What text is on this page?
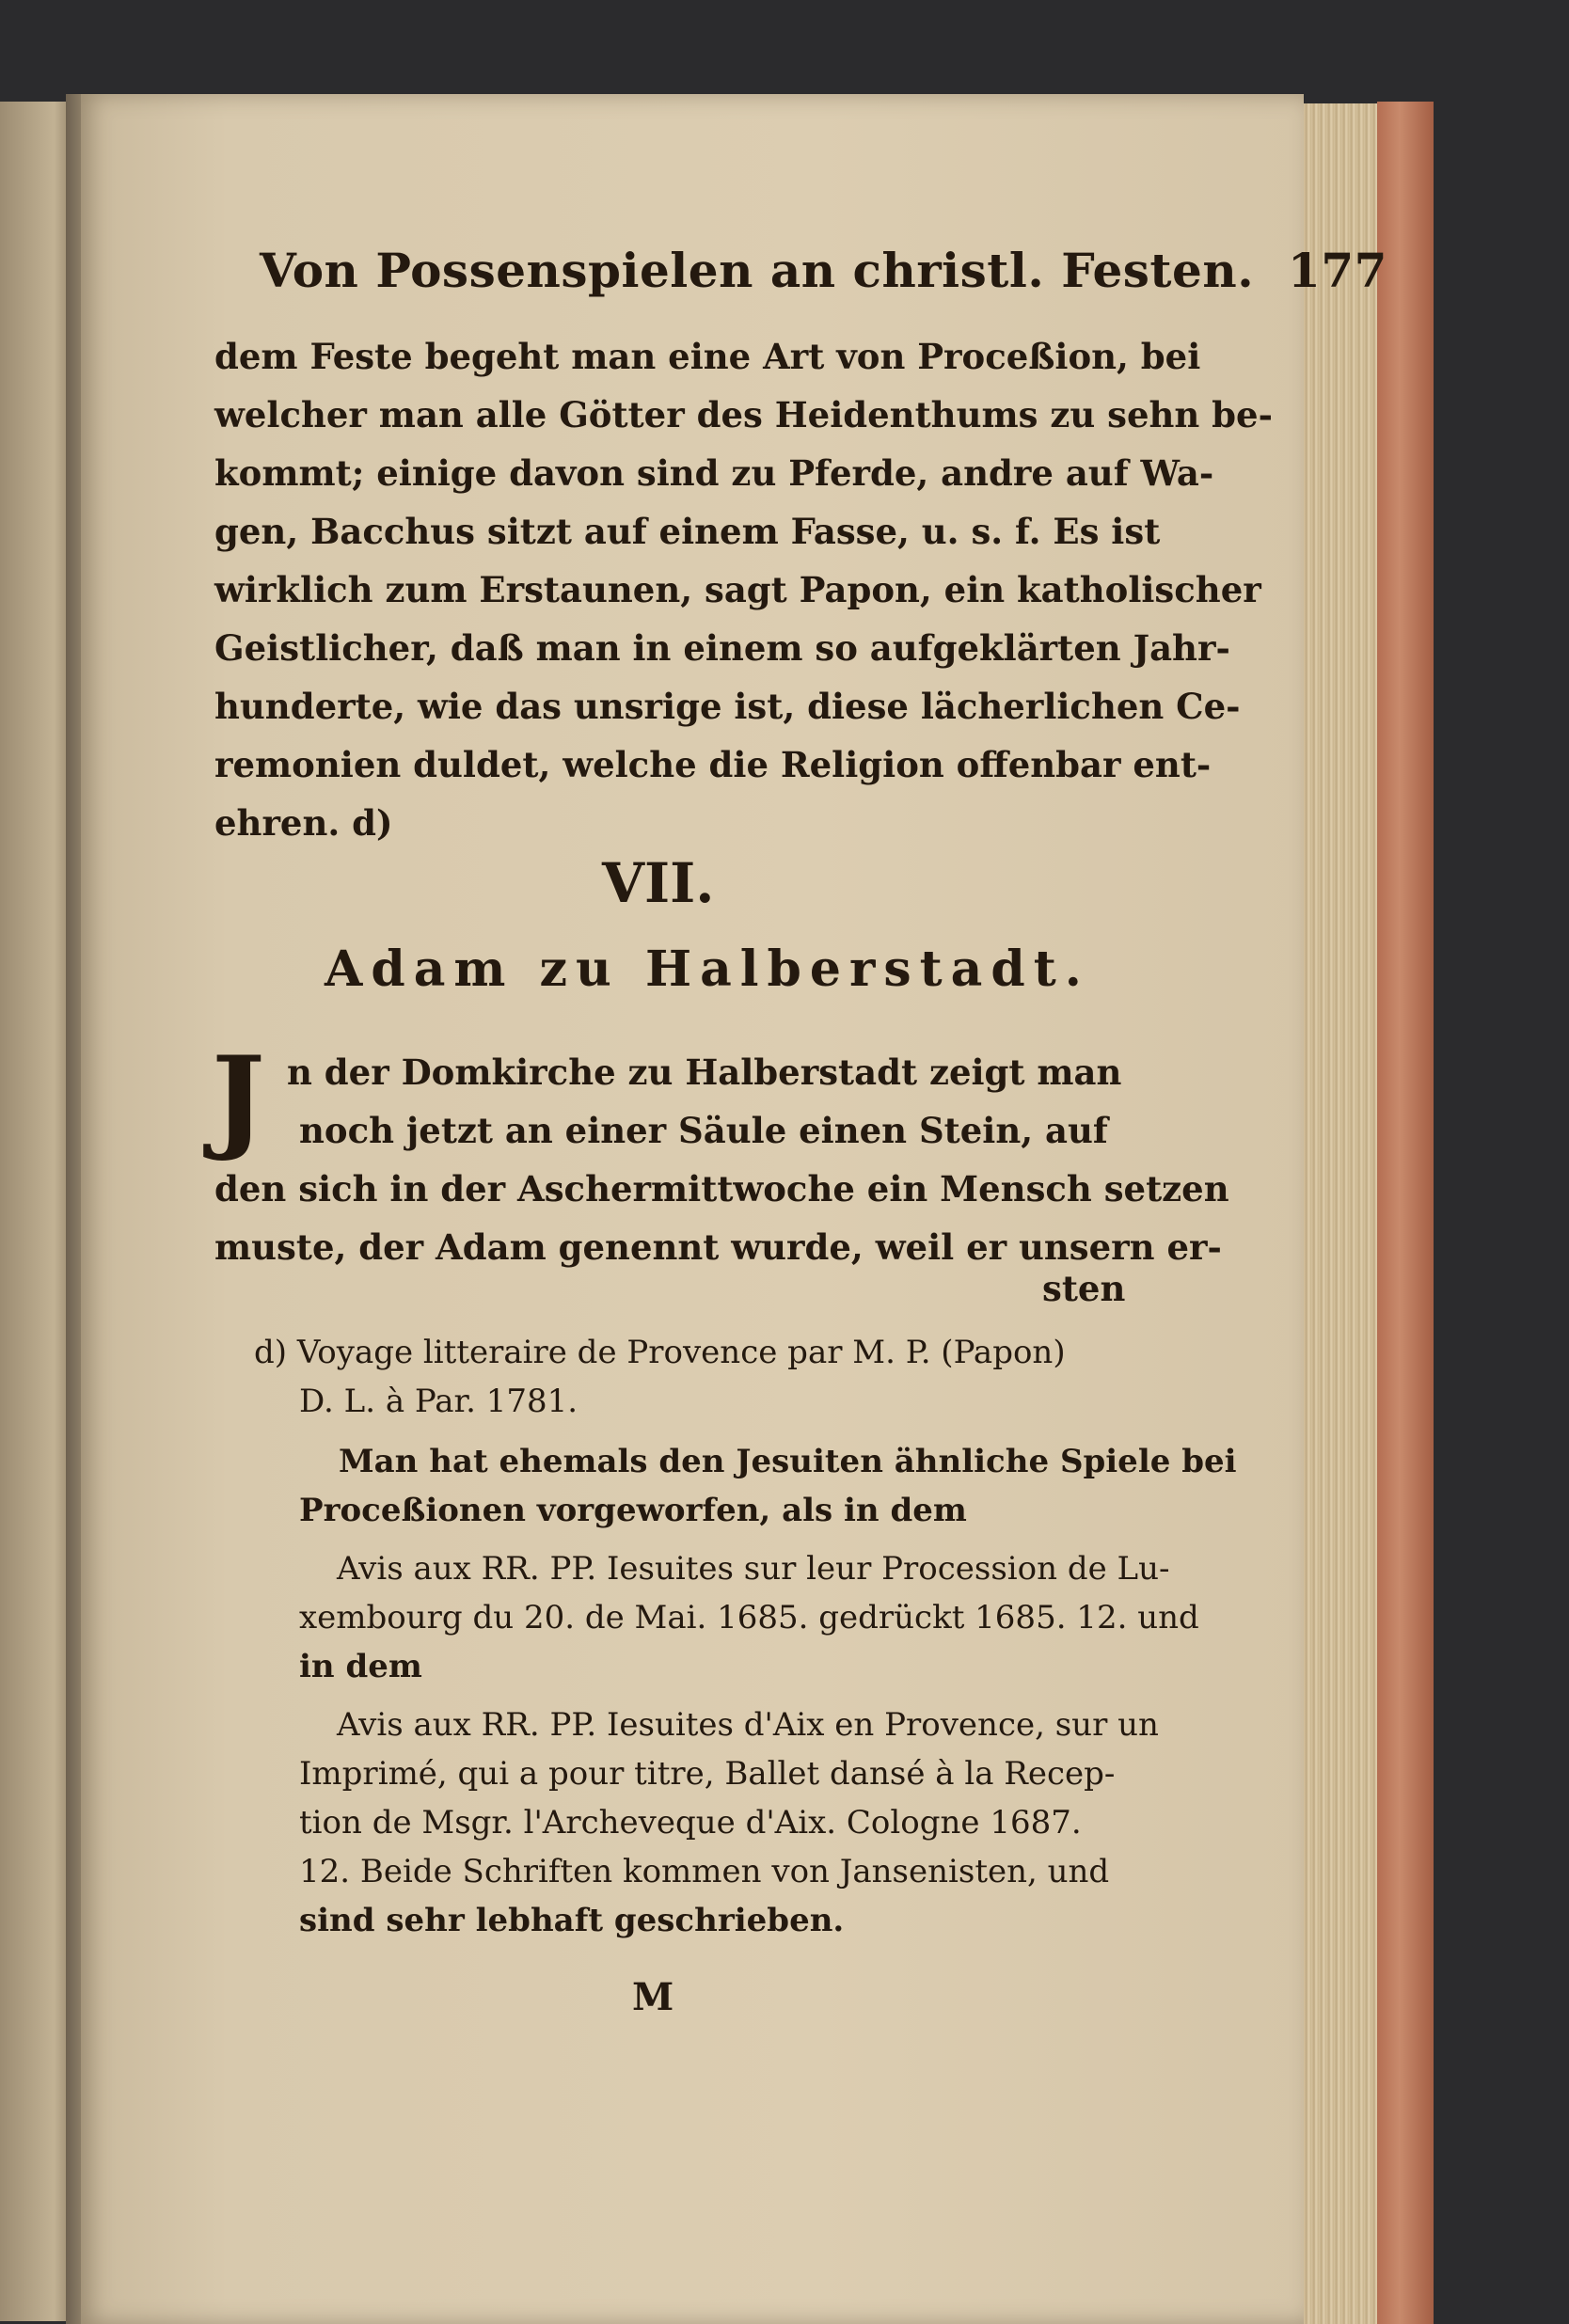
Von Possenspielen an christl. Festen. 177
dem Feste begeht man eine Art von Proceßion, bei
welcher man alle Götter des Heidenthums zu sehn be-
kommt; einige davon sind zu Pferde, andre auf Wa-
gen, Bacchus sitzt auf einem Fasse, u. s. f. Es ist
wirklich zum Erstaunen, sagt Papon, ein katholischer
Geistlicher, daß man in einem so aufgeklärten Jahr-
hunderte, wie das unsrige ist, diese lächerlichen Ce-
remonien duldet, welche die Religion offenbar ent-
ehren. d)
VII.
Adam zu Halberstadt.
J n der Domkirche zu Halberstadt zeigt man
noch jetzt an einer Säule einen Stein, auf
den sich in der Aschermittwoche ein Mensch setzen
muste, der Adam genennt wurde, weil er unsern er-
sten
d) Voyage litteraire de Provence par M. P. (Papon)
D. L. à Par. 1781.
Man hat ehemals den Jesuiten ähnliche Spiele bei
Proceßionen vorgeworfen, als in dem
Avis aux RR. PP. Iesuites sur leur Procession de Lu-
xembourg du 20. de Mai. 1685. gedrückt 1685. 12. und
in dem
Avis aux RR. PP. Iesuites d'Aix en Provence, sur un
Imprimé, qui a pour titre, Ballet dansé à la Recep-
tion de Msgr. l'Archeveque d'Aix. Cologne 1687.
12. Beide Schriften kommen von Jansenisten, und
sind sehr lebhaft geschrieben.
M
